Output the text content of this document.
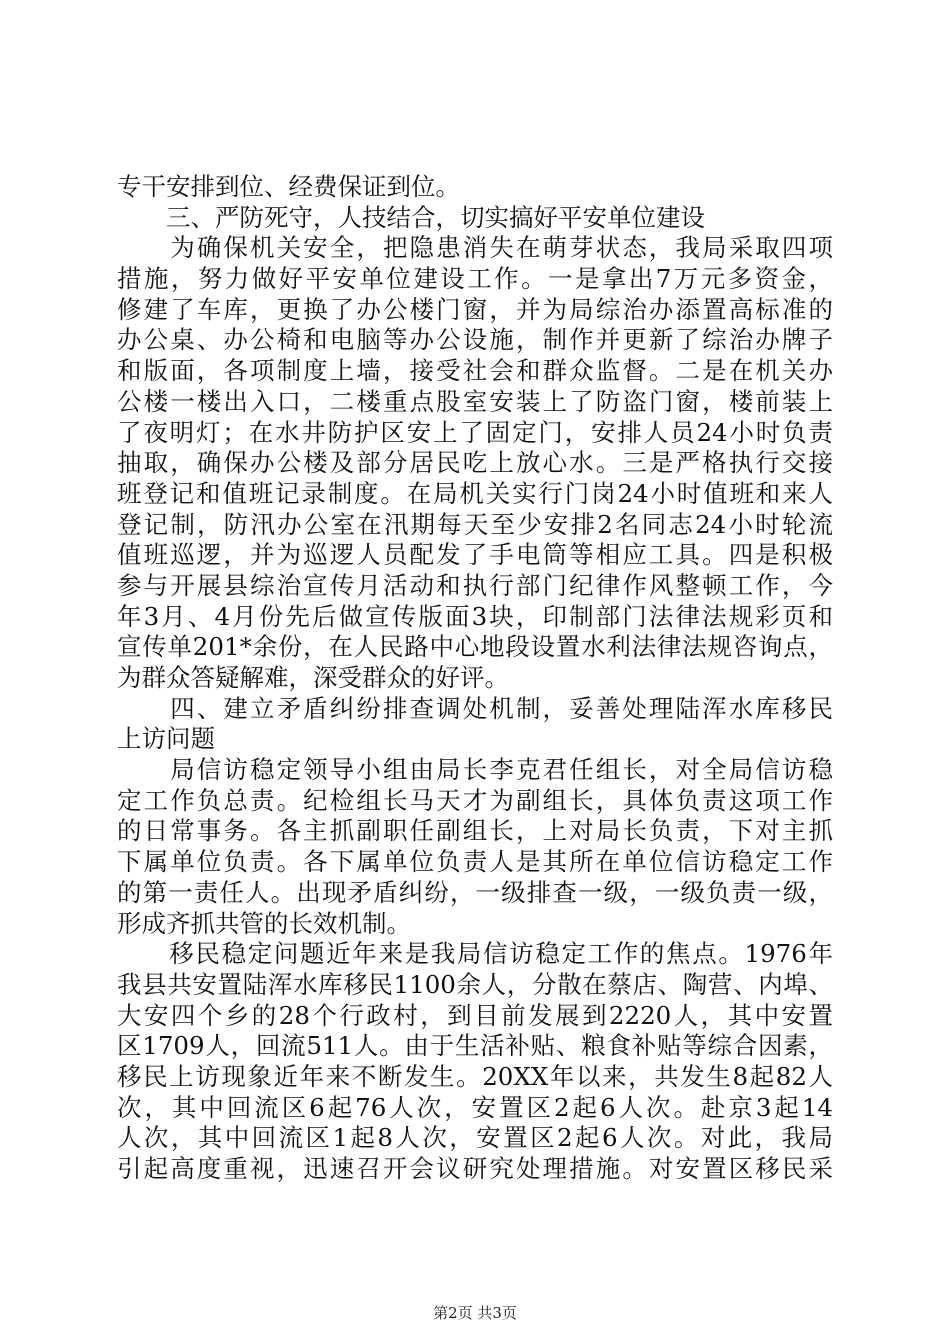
专干安排到位、经费保证到位。
　　三、严防死守，人技结合，切实搞好平安单位建设
　　为确保机关安全，把隐患消失在萌芽状态，我局采取四项
措施，努力做好平安单位建设工作。一是拿出7万元多资金，
修建了车库，更换了办公楼门窗，并为局综治办添置高标准的
办公桌、办公椅和电脑等办公设施，制作并更新了综治办牌子
和版面，各项制度上墙，接受社会和群众监督。二是在机关办
公楼一楼出入口，二楼重点股室安装上了防盗门窗，楼前装上
了夜明灯；在水井防护区安上了固定门，安排人员24小时负责
抽取，确保办公楼及部分居民吃上放心水。三是严格执行交接
班登记和值班记录制度。在局机关实行门岗24小时值班和来人
登记制，防汛办公室在汛期每天至少安排2名同志24小时轮流
值班巡逻，并为巡逻人员配发了手电筒等相应工具。四是积极
参与开展县综治宣传月活动和执行部门纪律作风整顿工作，今
年3月、4月份先后做宣传版面3块，印制部门法律法规彩页和
宣传单201*余份，在人民路中心地段设置水利法律法规咨询点，
为群众答疑解难，深受群众的好评。
　　四、建立矛盾纠纷排查调处机制，妥善处理陆浑水库移民
上访问题
　　局信访稳定领导小组由局长李克君任组长，对全局信访稳
定工作负总责。纪检组长马天才为副组长，具体负责这项工作
的日常事务。各主抓副职任副组长，上对局长负责，下对主抓
下属单位负责。各下属单位负责人是其所在单位信访稳定工作
的第一责任人。出现矛盾纠纷，一级排查一级，一级负责一级，
形成齐抓共管的长效机制。
　　移民稳定问题近年来是我局信访稳定工作的焦点。1976年
我县共安置陆浑水库移民1100余人，分散在蔡店、陶营、内埠、
大安四个乡的28个行政村，到目前发展到2220人，其中安置
区1709人，回流511人。由于生活补贴、粮食补贴等综合因素，
移民上访现象近年来不断发生。20XX年以来，共发生8起82人
次，其中回流区6起76人次，安置区2起6人次。赴京3起14
人次，其中回流区1起8人次，安置区2起6人次。对此，我局
引起高度重视，迅速召开会议研究处理措施。对安置区移民采
第2页 共3页
